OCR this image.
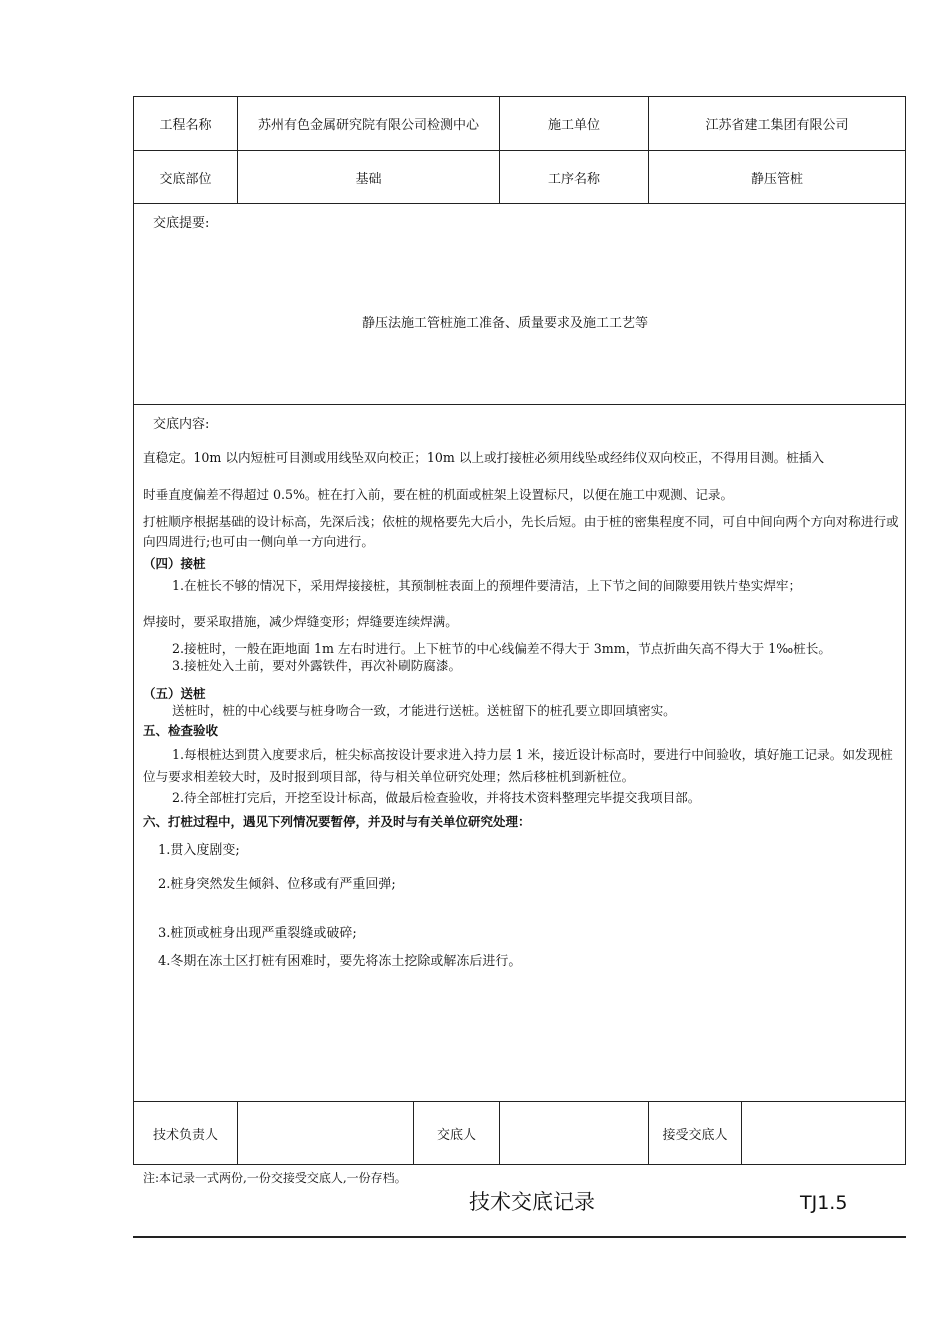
工程名称	苏州有色金属研究院有限公司检测中心	施工单位	江苏省建工集团有限公司
交底部位	基础	工序名称	静压管桩
交底提要:
静压法施工管桩施工准备、质量要求及施工工艺等
交底内容:
直稳定。10m 以内短桩可目测或用线坠双向校正；10m 以上或打接桩必须用线坠或经纬仪双向校正，不得用目测。桩插入
时垂直度偏差不得超过 0.5%。桩在打入前，要在桩的机面或桩架上设置标尺，以便在施工中观测、记录。
打桩顺序根据基础的设计标高，先深后浅；依桩的规格要先大后小，先长后短。由于桩的密集程度不同，可自中间向两个方向对称进行或向四周进行;也可由一侧向单一方向进行。
（四）接桩
1.在桩长不够的情况下，采用焊接接桩，其预制桩表面上的预埋件要清洁，上下节之间的间隙要用铁片垫实焊牢；
焊接时，要采取措施，减少焊缝变形；焊缝要连续焊满。
2.接桩时，一般在距地面 1m 左右时进行。上下桩节的中心线偏差不得大于 3mm，节点折曲矢高不得大于 1‰桩长。
3.接桩处入土前，要对外露铁件，再次补刷防腐漆。
（五）送桩
送桩时，桩的中心线要与桩身吻合一致，才能进行送桩。送桩留下的桩孔要立即回填密实。
五、检查验收
1.每根桩达到贯入度要求后，桩尖标高按设计要求进入持力层 1 米，接近设计标高时，要进行中间验收，填好施工记录。如发现桩位与要求相差较大时，及时报到项目部，待与相关单位研究处理；然后移桩机到新桩位。
2.待全部桩打完后，开挖至设计标高，做最后检查验收，并将技术资料整理完毕提交我项目部。
六、打桩过程中，遇见下列情况要暂停，并及时与有关单位研究处理：
1.贯入度剧变;
2.桩身突然发生倾斜、位移或有严重回弹;
3.桩顶或桩身出现严重裂缝或破碎;
4.冬期在冻土区打桩有困难时，要先将冻土挖除或解冻后进行。
技术负责人	交底人	接受交底人
注:本记录一式两份,一份交接受交底人,一份存档。
技术交底记录	TJ1.5
